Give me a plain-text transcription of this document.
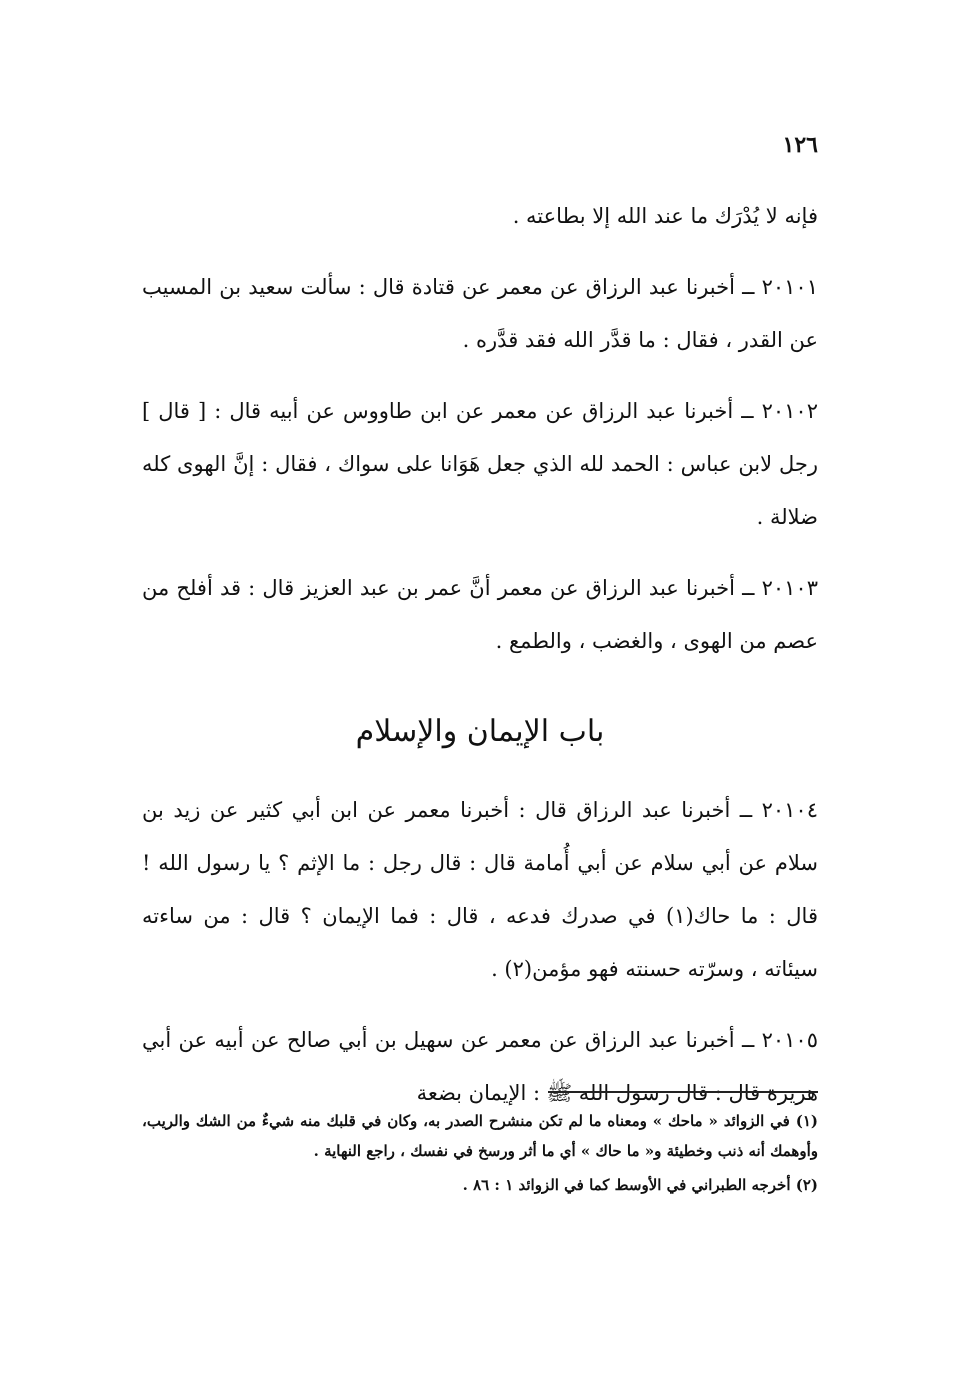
١٢٦

فإنه لا يُدْرَك ما عند الله إلا بطاعته .

٢٠١٠١ ــ أخبرنا عبد الرزاق عن معمر عن قتادة قال : سألت سعيد بن المسيب عن القدر ، فقال : ما قدَّر الله فقد قدَّره .

٢٠١٠٢ ــ أخبرنا عبد الرزاق عن معمر عن ابن طاووس عن أبيه قال : [ قال ] رجل لابن عباس : الحمد لله الذي جعل هَوَانا على سواك ، فقال : إنَّ الهوى كله ضلالة .

٢٠١٠٣ ــ أخبرنا عبد الرزاق عن معمر أنَّ عمر بن عبد العزيز قال : قد أفلح من عصم من الهوى ، والغضب ، والطمع .

باب الإيمان والإسلام

٢٠١٠٤ ــ أخبرنا عبد الرزاق قال : أخبرنا معمر عن ابن أبي كثير عن زيد بن سلام عن أبي سلام عن أبي أُمامة قال : قال رجل : ما الإثم ؟ يا رسول الله ! قال : ما حاك(١) في صدرك فدعه ، قال : فما الإيمان ؟ قال : من ساءته سيئاته ، وسرّته حسنته فهو مؤمن(٢) .

٢٠١٠٥ ــ أخبرنا عبد الرزاق عن معمر عن سهيل بن أبي صالح عن أبيه عن أبي هريرة قال : قال رسول الله ﷺ : الإيمان بضعة

(١) في الزوائد « ماحك » ومعناه ما لم تكن منشرح الصدر به، وكان في قلبك منه شيءٌ من الشك والريب، وأوهمك أنه ذنب وخطيئة و« ما حاك » أي ما أثر ورسخ في نفسك ، راجع النهاية .

(٢) أخرجه الطبراني في الأوسط كما في الزوائد ١ : ٨٦ .
